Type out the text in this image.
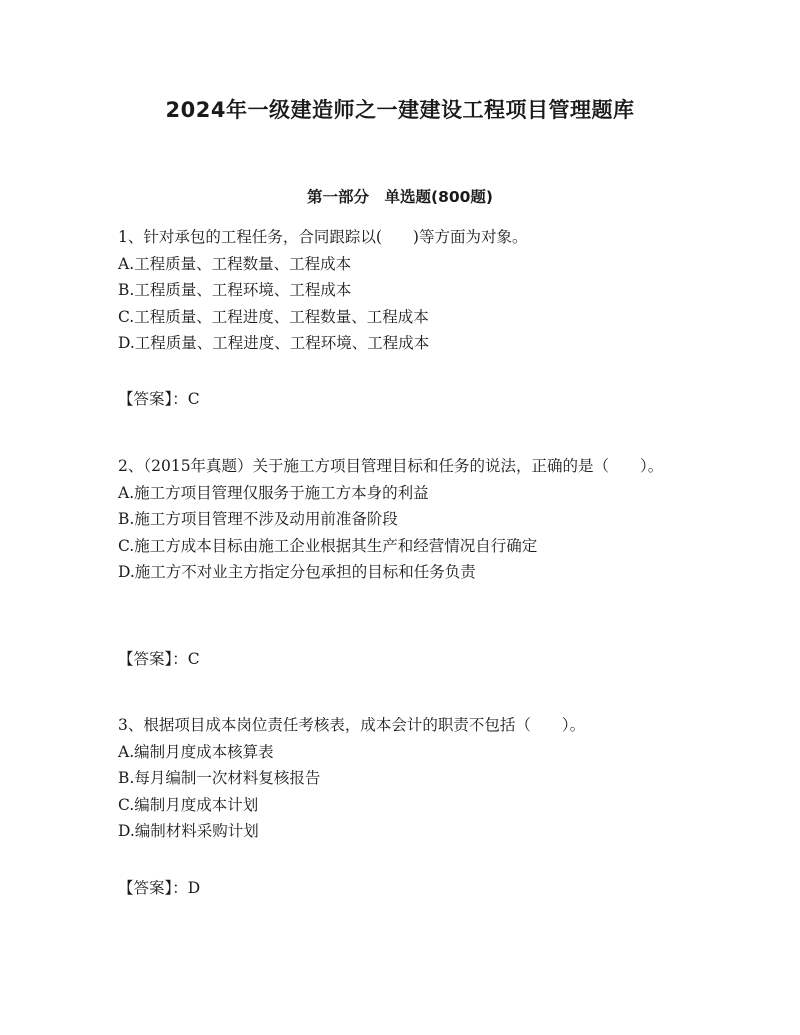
2024年一级建造师之一建建设工程项目管理题库
第一部分　单选题(800题)
1、针对承包的工程任务，合同跟踪以(　　)等方面为对象。
A.工程质量、工程数量、工程成本
B.工程质量、工程环境、工程成本
C.工程质量、工程进度、工程数量、工程成本
D.工程质量、工程进度、工程环境、工程成本
【答案】：C
2、（2015年真题）关于施工方项目管理目标和任务的说法，正确的是（　　）。
A.施工方项目管理仅服务于施工方本身的利益
B.施工方项目管理不涉及动用前准备阶段
C.施工方成本目标由施工企业根据其生产和经营情况自行确定
D.施工方不对业主方指定分包承担的目标和任务负责
【答案】：C
3、根据项目成本岗位责任考核表，成本会计的职责不包括（　　）。
A.编制月度成本核算表
B.每月编制一次材料复核报告
C.编制月度成本计划
D.编制材料采购计划
【答案】：D
